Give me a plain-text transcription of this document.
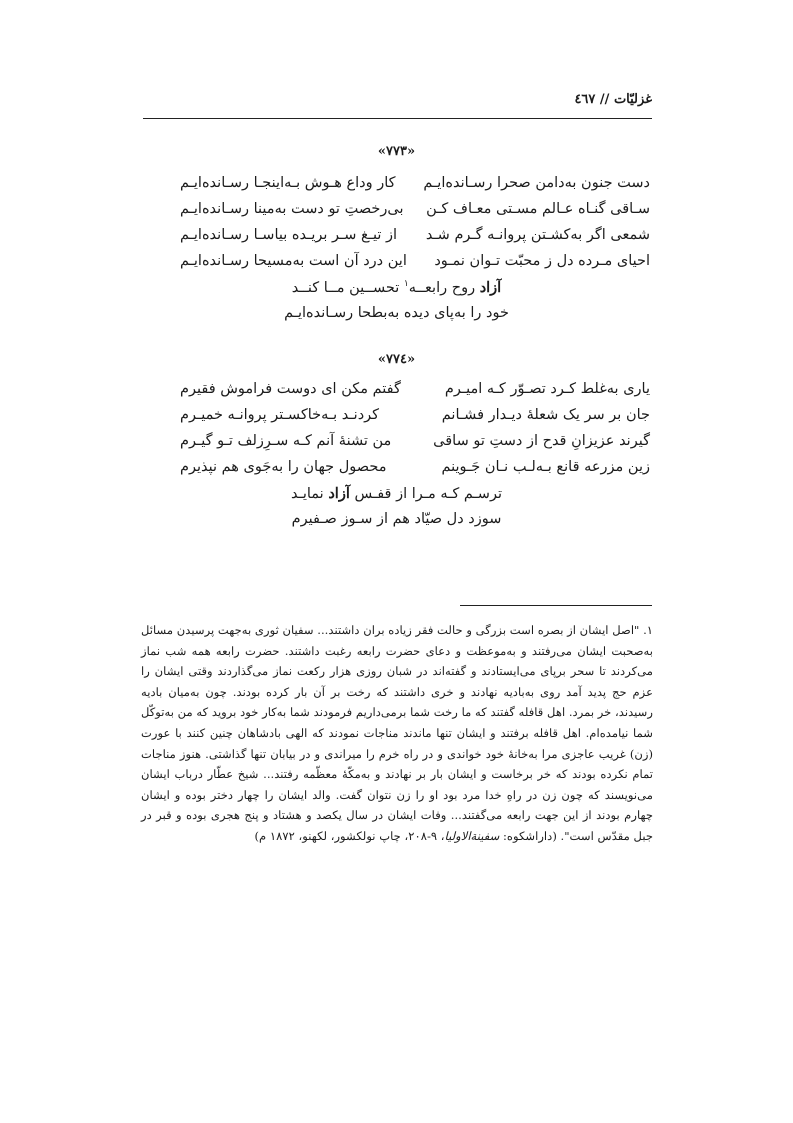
غزلیّات // ٤٦٧
«۷۷۳»
دست جنون به‌دامن صحرا رسـانده‌ایـم
کار وداع هـوش بـه‌اینجـا رسـانده‌ایـم
سـاقی گنـاه عـالم مسـتی معـاف کـن
بی‌رخصتِ تو دست به‌مینا رسـانده‌ایـم
شمعی اگر به‌کشـتن پروانـه گـرم شـد
از تیـغ سـر بریـده بیاسـا رسـانده‌ایـم
احیای مـرده دل ز محبّت تـوان نمـود
این درد آن است به‌مسیحا رسـانده‌ایـم
آزاد روح رابعــه$^۱$ تحســین مــا کنــد
خود را به‌پای دیده به‌بطحا رسـانده‌ایـم
«۷۷٤»
یاری به‌غلط کـرد تصـوّر کـه امیـرم
گفتم مکن ای دوست فراموش فقیرم
جان بر سر یک شعلهٔ دیـدار فشـانم
کردنـد بـه‌خاکسـتر پروانـه خمیـرم
گیرند عزیزانِ قدح از دستِ تو ساقی
من تشنهٔ آنم کـه سـرِزلف تـو گیـرم
زین مزرعه قانع بـه‌لـب نـان جَـوینم
محصول جهان را به‌جَوی هم نپذیرم
ترسـم کـه مـرا از قفـس آزاد نمایـد
سوزد دل صیّاد هم از سـوز صـفیرم
۱. "اصل ایشان از بصره است بزرگی و حالت فقر زیاده بران داشتند... سفیان ثوری به‌جهت پرسیدن مسائل به‌صحبت ایشان می‌رفتند و به‌موعظت و دعای حضرت رابعه رغبت داشتند. حضرت رابعه همه شب نماز می‌کردند تا سحر برپای می‌ایستادند و گفته‌اند در شبان روزی هزار رکعت نماز می‌گذاردند وقتی ایشان را عزم حج پدید آمد روی به‌بادیه نهادند و خری داشتند که رخت بر آن بار کرده بودند. چون به‌میان بادیه رسیدند، خر بمرد. اهل قافله گفتند که ما رخت شما برمی‌داریم فرمودند شما به‌کار خود بروید که من به‌توکّل شما نیامده‌ام. اهل قافله برفتند و ایشان تنها ماندند مناجات نمودند که الهی بادشاهان چنین کنند با عورت (زن) غریب عاجزی مرا به‌خانهٔ خود خواندی و در راه خرم را میراندی و در بیابان تنها گذاشتی. هنوز مناجات تمام نکرده بودند که خر برخاست و ایشان بار بر نهادند و به‌مکّهٔ معظّمه رفتند... شیخ عطّار درباب ایشان می‌نویسند که چون زن در راهِ خدا مرد بود او را زن نتوان گفت. والد ایشان را چهار دختر بوده و ایشان چهارم بودند از این جهت رابعه می‌گفتند... وفات ایشان در سال یکصد و هشتاد و پنج هجری بوده و قبر در جبل مقدّس است". (داراشکوه: سفینةالاولیا، ۹-۲۰۸، چاپ نولکشور، لکهنو، ۱۸۷۲ م)
